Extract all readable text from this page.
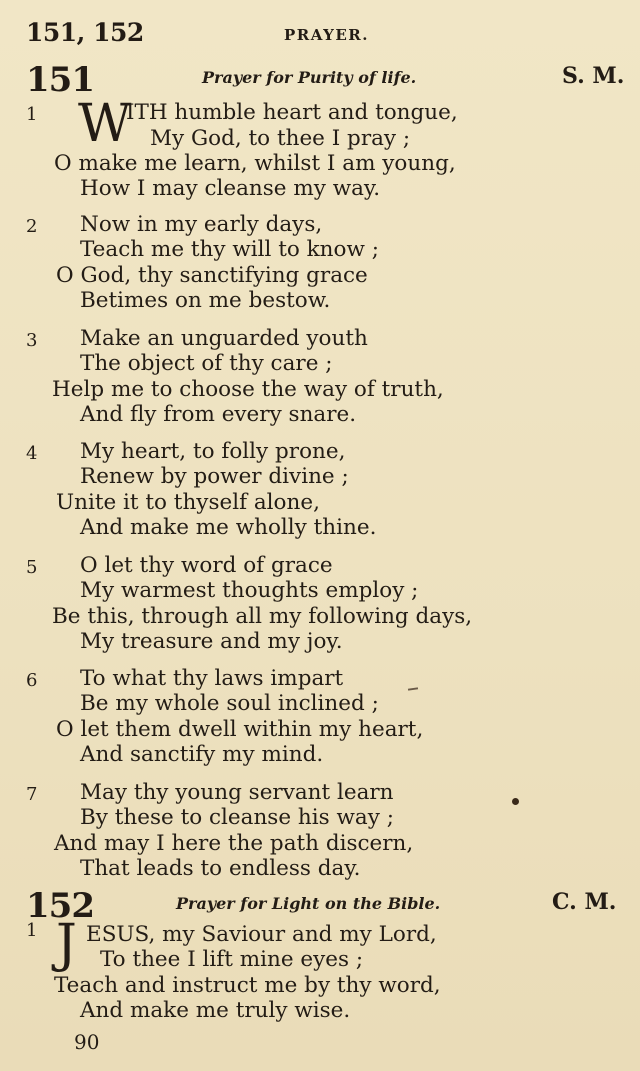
151, 152	PRAYER.
151	Prayer for Purity of life.	S. M.
1 W
ITH humble heart and tongue,
My God, to thee I pray ;
O make me learn, whilst I am young,
How I may cleanse my way.
2 Now in my early days,
Teach me thy will to know ;
O God, thy sanctifying grace
Betimes on me bestow.
3 Make an unguarded youth
The object of thy care ;
Help me to choose the way of truth,
And fly from every snare.
4 My heart, to folly prone,
Renew by power divine ;
Unite it to thyself alone,
And make me wholly thine.
5 O let thy word of grace
My warmest thoughts employ ;
Be this, through all my following days,
My treasure and my joy.
6 To what thy laws impart
Be my whole soul inclined ;
O let them dwell within my heart,
And sanctify my mind.
7 May thy young servant learn
By these to cleanse his way ;
And may I here the path discern,
That leads to endless day.
152	Prayer for Light on the Bible.	C. M.
1 J ESUS, my Saviour and my Lord,
To thee I lift mine eyes ;
Teach and instruct me by thy word,
And make me truly wise.
90
